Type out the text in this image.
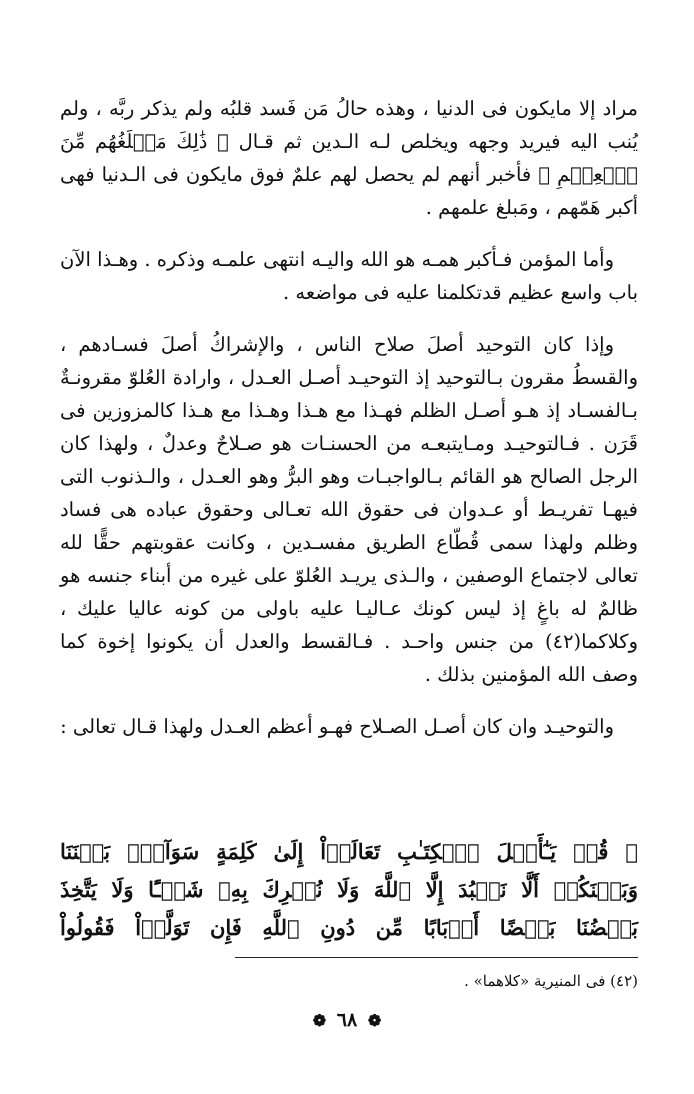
مراد إلا مايكون فى الدنيا ، وهذه حالُ مَن فَسد قلبُه ولم يذكر ربَّه ، ولم يُنب اليه فيريد وجهه ويخلص لـه الـدين ثم قـال ﴿ ذَٰلِكَ مَبۡلَغُهُم مِّنَ ٱلۡعِلۡمِ ﴾ فأخبر أنهم لم يحصل لهم علمٌ فوق مايكون فى الـدنيا فهى أكبر هَمّهم ، ومَبلغ علمهم .

وأما المؤمن فـأكبر همـه هو الله واليـه انتهى علمـه وذكره . وهـذا الآن باب واسع عظيم قدتكلمنا عليه فى مواضعه .

وإذا كان التوحيد أصلَ صلاح الناس ، والإشراكُ أصلَ فسـادهم ، والقسطُ مقرون بـالتوحيد إذ التوحيـد أصـل العـدل ، وارادة العُلوّ مقرونـةٌ بـالفسـاد إذ هـو أصـل الظلم فهـذا مع هـذا وهـذا مع هـذا كالمزوزين فى قَرَن . فـالتوحيـد ومـايتبعـه من الحسنـات هو صـلاحٌ وعدلٌ ، ولهذا كان الرجل الصالح هو القائم بـالواجبـات وهو البرُّ وهو العـدل ، والـذنوب التى فيهـا تفريـط أو عـدوان فى حقوق الله تعـالى وحقوق عباده هى فساد وظلم ولهذا سمى قُطّاع الطريق مفسـدين ، وكانت عقوبتهم حقًّا لله تعالى لاجتماع الوصفين ، والـذى يريـد العُلوّ على غيره من أبناء جنسه هو ظالمٌ له باغٍ إذ ليس كونك عـاليـا عليه باولى من كونه عاليا عليك ، وكلاكما(٤٢) من جنس واحـد . فـالقسط والعدل أن يكونوا إخوة كما وصف الله المؤمنين بذلك .

والتوحيـد وان كان أصـل الصـلاح فهـو أعظم العـدل ولهذا قـال تعالى :

﴿ قُلۡ يَـٰٓأَهۡلَ ٱلۡكِتَـٰبِ تَعَالَوۡاْ إِلَىٰ كَلِمَةٍ سَوَآءِۭ بَيۡنَنَا
وَبَيۡنَكُمۡ أَلَّا نَعۡبُدَ إِلَّا ٱللَّهَ وَلَا نُشۡرِكَ بِهِۦ شَيۡـًٔا وَلَا يَتَّخِذَ
بَعۡضُنَا بَعۡضًا أَرۡبَابًا مِّن دُونِ ٱللَّهِ فَإِن تَوَلَّوۡاْ فَقُولُواْ
(٤٢) فى المنيرية «كلاهما» .
❁ ٦٨ ❁
